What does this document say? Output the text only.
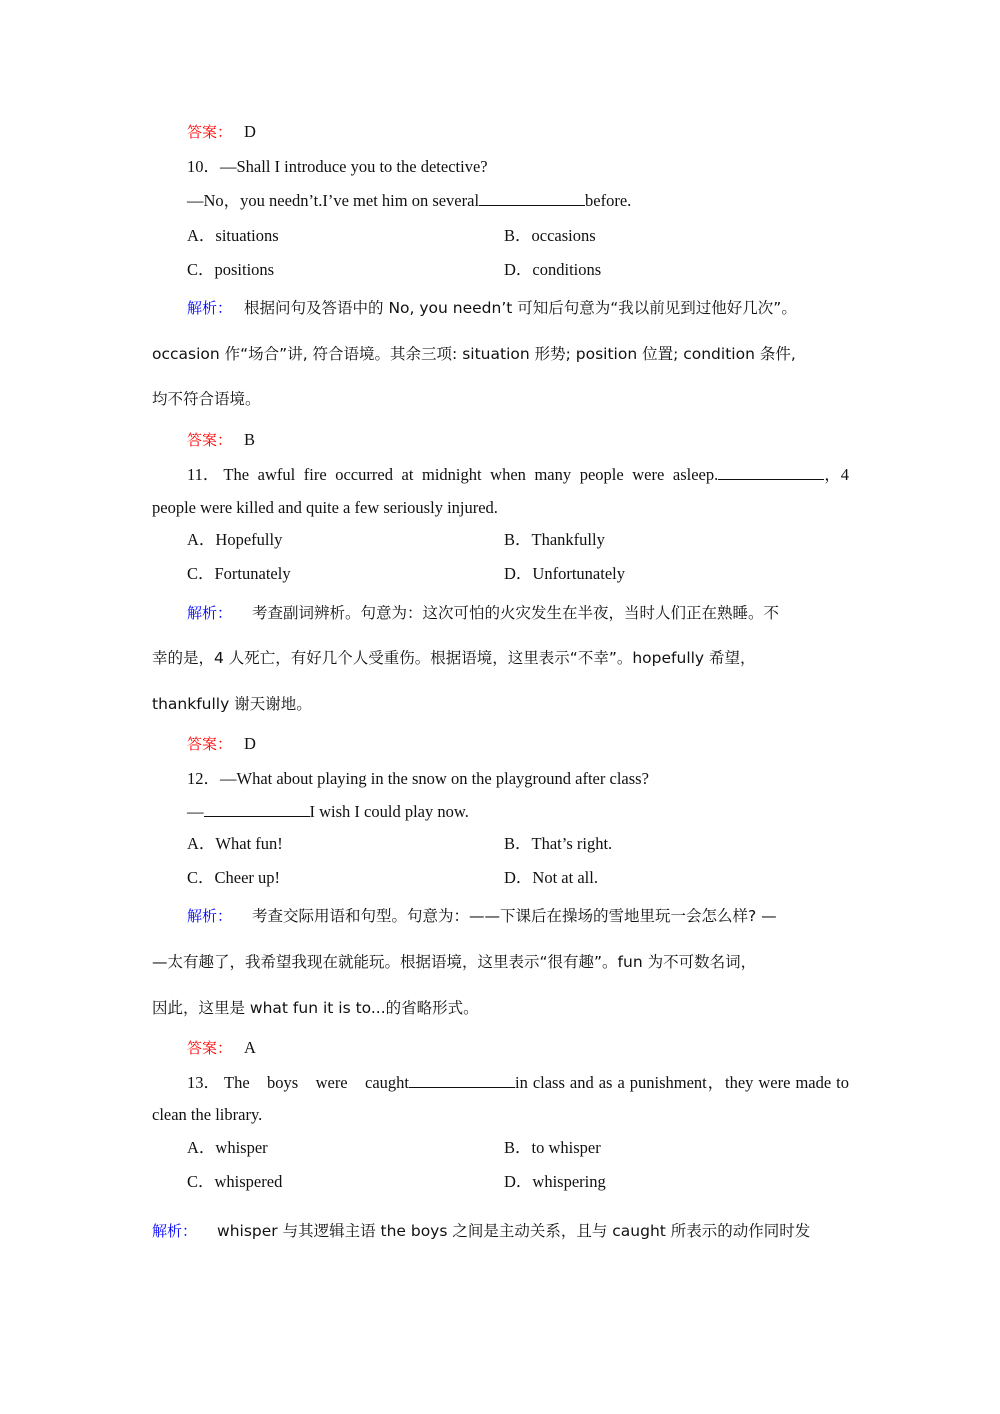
答案： D
10．—Shall I introduce you to the detective?
—No，you needn’t.I’ve met him on several	before.
A．situations	B．occasions
C．positions	D．conditions
解析： 根据问句及答语中的 No, you needn’t 可知后句意为“我以前见到过他好几次”。
occasion 作“场合”讲, 符合语境。其余三项: situation 形势; position 位置; condition 条件,
均不符合语境。
答案： B
11． The awful fire occurred at midnight when many people were asleep.	，4
people were killed and quite a few seriously injured.
A．Hopefully	B．Thankfully
C．Fortunately	D．Unfortunately
解析： 考查副词辨析。句意为：这次可怕的火灾发生在半夜，当时人们正在熟睡。不
幸的是，4 人死亡，有好几个人受重伤。根据语境，这里表示“不幸”。hopefully 希望，
thankfully 谢天谢地。
答案： D
12．—What about playing in the snow on the playground after class?
—	I wish I could play now.
A．What fun!	B．That’s right.
C．Cheer up!	D．Not at all.
解析： 考查交际用语和句型。句意为：——下课后在操场的雪地里玩一会怎么样? —
—太有趣了，我希望我现在就能玩。根据语境，这里表示“很有趣”。fun 为不可数名词，
因此，这里是 what fun it is to...的省略形式。
答案： A
13． The boys were caught	in class and as a punishment，they were made to
clean the library.
A．whisper	B．to whisper
C．whispered	D．whispering
解析： whisper 与其逻辑主语 the boys 之间是主动关系，且与 caught 所表示的动作同时发
